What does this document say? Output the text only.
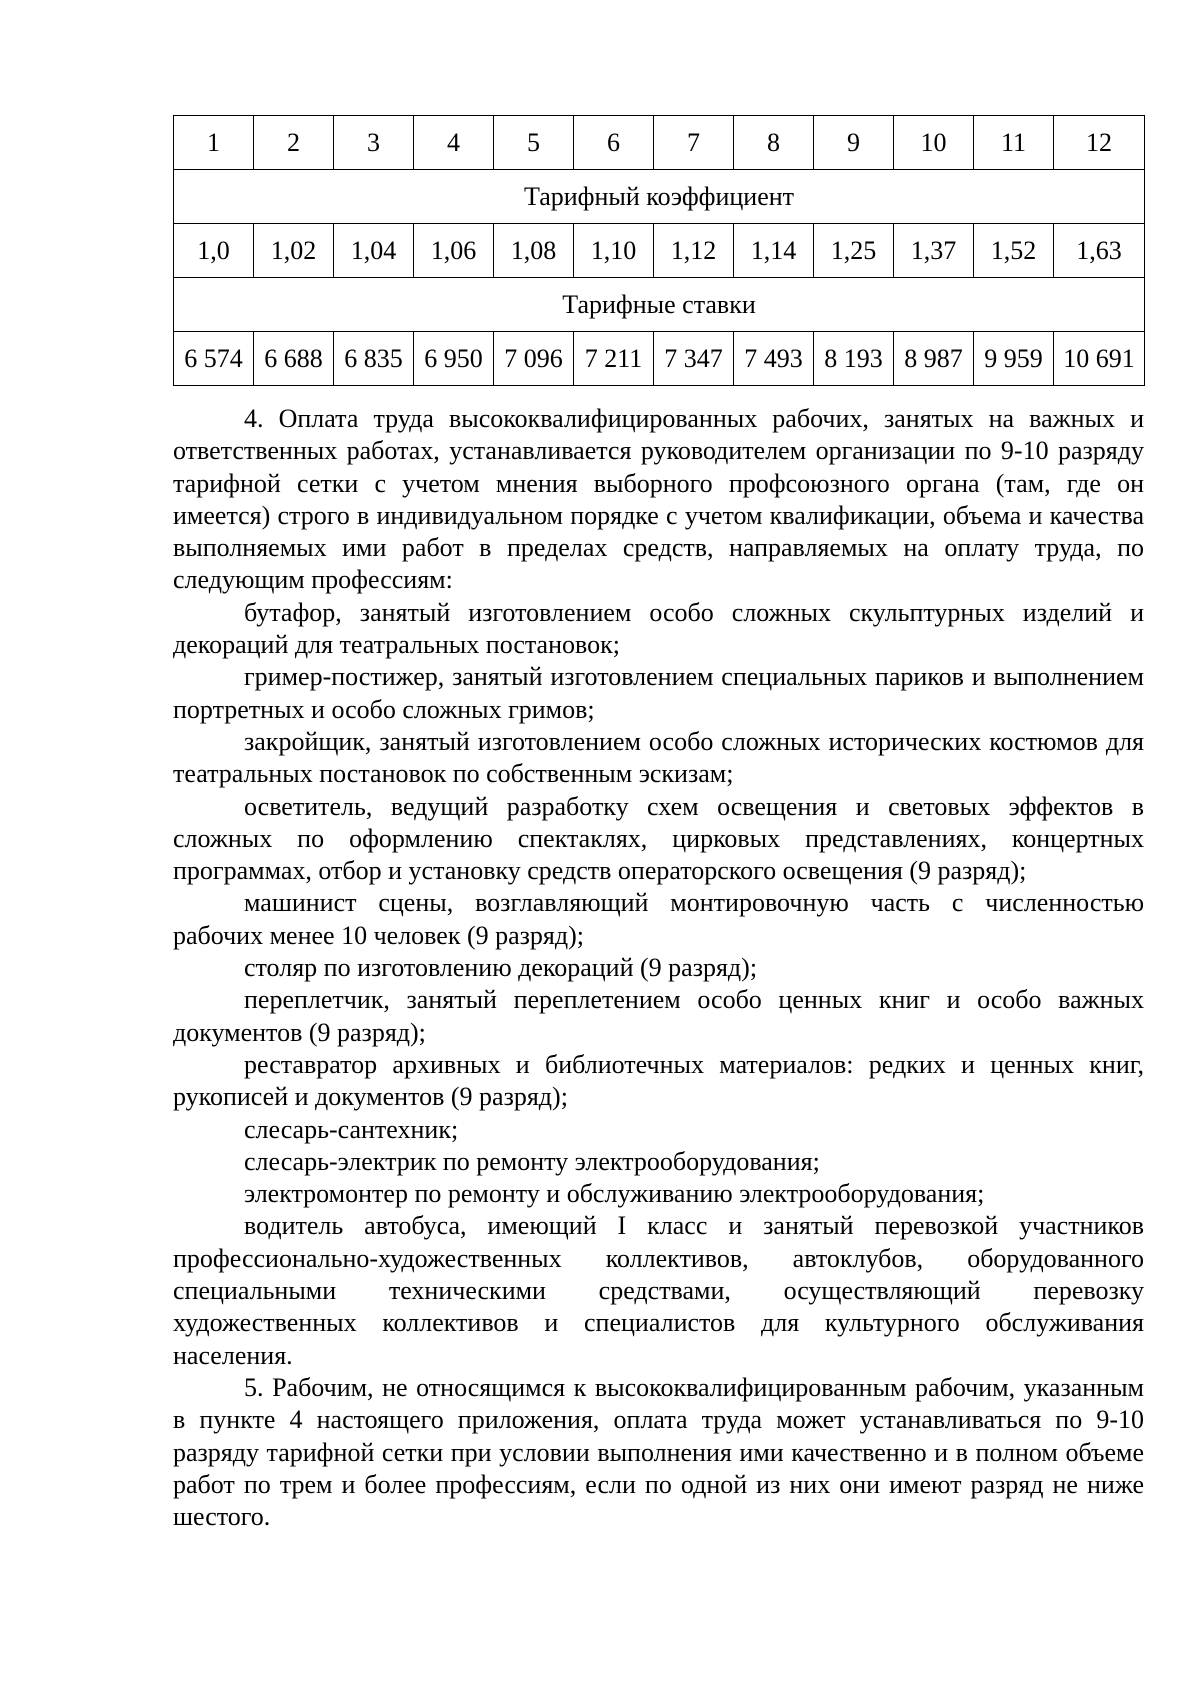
1	2	3	4	5	6	7	8	9	10	11	12
Тарифный коэффициент											
1,0	1,02	1,04	1,06	1,08	1,10	1,12	1,14	1,25	1,37	1,52	1,63
Тарифные ставки											
6 574	6 688	6 835	6 950	7 096	7 211	7 347	7 493	8 193	8 987	9 959	10 691

4. Оплата труда высококвалифицированных рабочих, занятых на важных и ответственных работах, устанавливается руководителем организации по 9-10 разряду тарифной сетки с учетом мнения выборного профсоюзного органа (там, где он имеется) строго в индивидуальном порядке с учетом квалификации, объема и качества выполняемых ими работ в пределах средств, направляемых на оплату труда, по следующим профессиям:

бутафор, занятый изготовлением особо сложных скульптурных изделий и декораций для театральных постановок;

гример-постижер, занятый изготовлением специальных париков и выполнением портретных и особо сложных гримов;

закройщик, занятый изготовлением особо сложных исторических костюмов для театральных постановок по собственным эскизам;

осветитель, ведущий разработку схем освещения и световых эффектов в сложных по оформлению спектаклях, цирковых представлениях, концертных программах, отбор и установку средств операторского освещения (9 разряд);

машинист сцены, возглавляющий монтировочную часть с численностью рабочих менее 10 человек (9 разряд);

столяр по изготовлению декораций (9 разряд);

переплетчик, занятый переплетением особо ценных книг и особо важных документов (9 разряд);

реставратор архивных и библиотечных материалов: редких и ценных книг, рукописей и документов (9 разряд);

слесарь-сантехник;

слесарь-электрик по ремонту электрооборудования;

электромонтер по ремонту и обслуживанию электрооборудования;

водитель автобуса, имеющий I класс и занятый перевозкой участников профессионально-художественных коллективов, автоклубов, оборудованного специальными техническими средствами, осуществляющий перевозку художественных коллективов и специалистов для культурного обслуживания населения.

5. Рабочим, не относящимся к высококвалифицированным рабочим, указанным в пункте 4 настоящего приложения, оплата труда может устанавливаться по 9-10 разряду тарифной сетки при условии выполнения ими качественно и в полном объеме работ по трем и более профессиям, если по одной из них они имеют разряд не ниже шестого.
